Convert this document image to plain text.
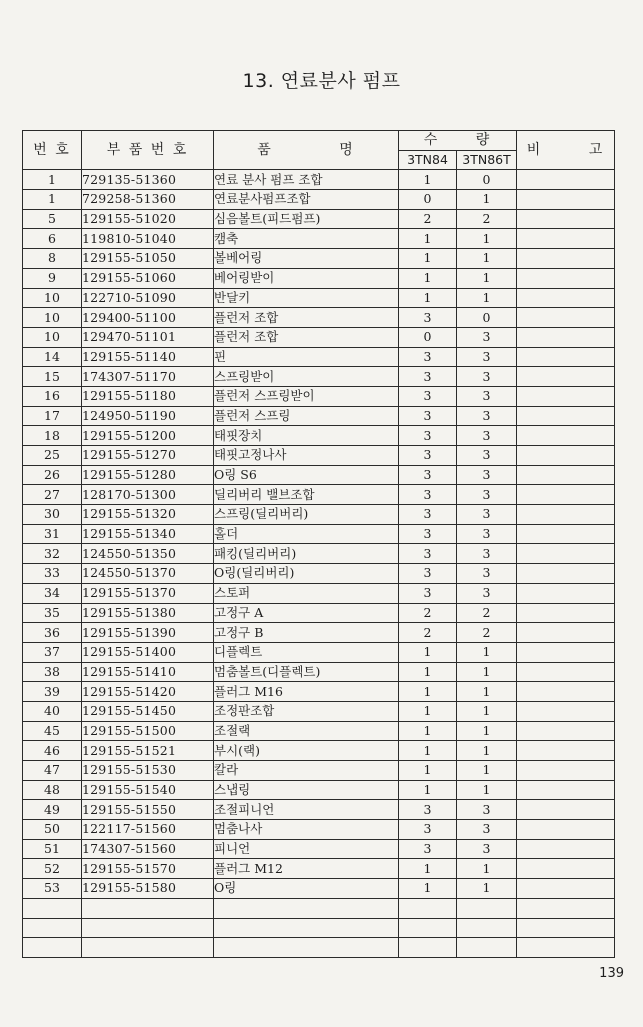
13. 연료분사 펌프
번 호	부 품 번 호	품 명	수 량		비 고
			3TN84	3TN86T	
1	729135-51360	연료 분사 펌프 조합	1	0	
1	729258-51360	연료분사펌프조합	0	1	
5	129155-51020	심음볼트(피드펌프)	2	2	
6	119810-51040	캠축	1	1	
8	129155-51050	볼베어링	1	1	
9	129155-51060	베어링받이	1	1	
10	122710-51090	반달키	1	1	
10	129400-51100	플런저 조합	3	0	
10	129470-51101	플런저 조합	0	3	
14	129155-51140	핀	3	3	
15	174307-51170	스프링받이	3	3	
16	129155-51180	플런저 스프링받이	3	3	
17	124950-51190	플런저 스프링	3	3	
18	129155-51200	태핏장치	3	3	
25	129155-51270	태핏고정나사	3	3	
26	129155-51280	O링 S6	3	3	
27	128170-51300	딜리버리 밸브조합	3	3	
30	129155-51320	스프링(딜리버리)	3	3	
31	129155-51340	홀더	3	3	
32	124550-51350	패킹(딜리버리)	3	3	
33	124550-51370	O링(딜리버리)	3	3	
34	129155-51370	스토퍼	3	3	
35	129155-51380	고정구 A	2	2	
36	129155-51390	고정구 B	2	2	
37	129155-51400	디플렉트	1	1	
38	129155-51410	멈춤볼트(디플렉트)	1	1	
39	129155-51420	플러그 M16	1	1	
40	129155-51450	조정판조합	1	1	
45	129155-51500	조절랙	1	1	
46	129155-51521	부시(랙)	1	1	
47	129155-51530	칼라	1	1	
48	129155-51540	스냅링	1	1	
49	129155-51550	조절피니언	3	3	
50	122117-51560	멈춤나사	3	3	
51	174307-51560	피니언	3	3	
52	129155-51570	플러그 M12	1	1	
53	129155-51580	O링	1	1	

139
